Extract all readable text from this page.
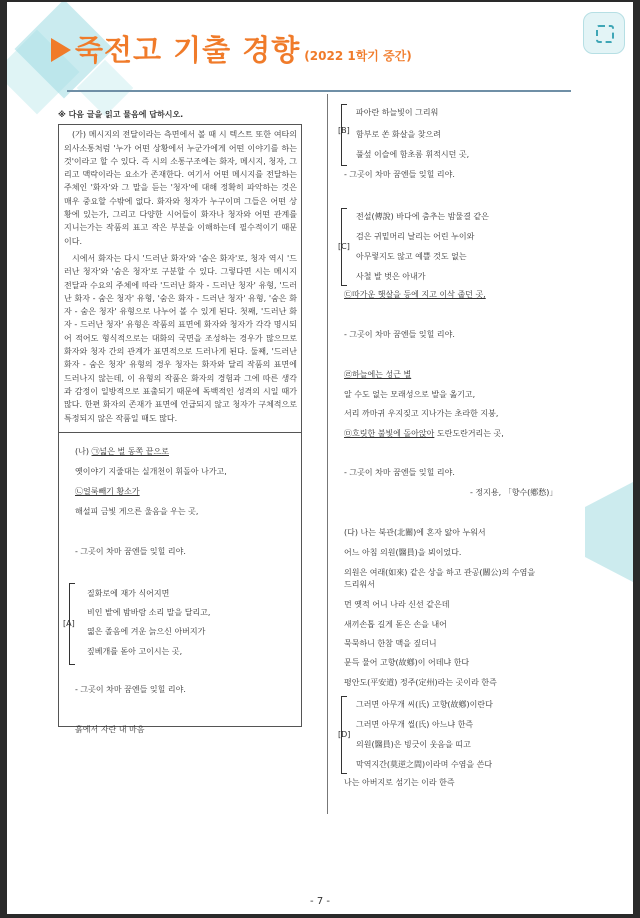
죽전고 기출 경향 (2022 1학기 중간)
※ 다음 글을 읽고 물음에 답하시오.

(가) 메시지의 전달이라는 측면에서 볼 때 시 텍스트 또한 여타의 의사소통처럼 '누가 어떤 상황에서 누군가에게 어떤 이야기를 하는 것'이라고 할 수 있다. 즉 시의 소통구조에는 화자, 메시지, 청자, 그리고 맥락이라는 요소가 존재한다. 여기서 어떤 메시지를 전달하는 주체인 '화자'와 그 말을 듣는 '청자'에 대해 정확히 파악하는 것은 매우 중요할 수밖에 없다. 화자와 청자가 누구이며 그들은 어떤 상황에 있는가, 그리고 다양한 시어들이 화자나 청자와 어떤 관계를 지니는가는 작품의 표고 작은 부분을 이해하는데 필수적이기 때문이다.

시에서 화자는 다시 '드러난 화자'와 '숨은 화자'로, 청자 역시 '드러난 청자'와 '숨은 청자'로 구분할 수 있다. 그렇다면 시는 메시지 전달과 수요의 주체에 따라 '드러난 화자 - 드러난 청자' 유형, '드러난 화자 - 숨은 청자' 유형, '숨은 화자 - 드러난 청자' 유형, '숨은 화자 - 숨은 청자' 유형으로 나누어 볼 수 있게 된다. 첫째, '드러난 화자 - 드러난 청자' 유형은 작품의 표면에 화자와 청자가 각각 명시되어 적어도 형식적으로는 대화의 국면을 조성하는 경우가 많으므로 화자와 청자 간의 관계가 표면적으로 드러나게 된다. 둘째, '드러난 화자 - 숨은 청자' 유형의 경우 청자는 화자와 달리 작품의 표면에 드러나지 않는데, 이 유형의 작품은 화자의 경험과 그에 따른 생각과 감정이 일방적으로 표출되기 때문에 독백적인 성격의 시일 때가 많다. 한편 화자의 존재가 표면에 언급되지 않고 청자가 구체적으로 특정되지 않은 작품일 때도 많다.

(나) ㉠넓은 벌 동쪽 끝으로
옛이야기 지줄대는 실개천이 휘돌아 나가고,
㉡얼룩빼기 황소가
해설피 금빛 게으른 울음을 우는 곳,
- 그곳이 차마 꿈엔들 잊힐 리야.
[A]
질화로에 재가 식어지면
비인 밭에 밤바람 소리 말을 달리고,
엷은 졸음에 겨운 늙으신 아버지가
짚베개를 돋아 고이시는 곳,
- 그곳이 차마 꿈엔들 잊힐 리야.
흙에서 자란 내 마음
[B]
파아란 하늘빛이 그리워
함부로 쏜 화살을 찾으려
풀섶 이슬에 함초롬 휘적시던 곳,
- 그곳이 차마 꿈엔들 잊힐 리야.
[C]
전설(傳說) 바다에 춤추는 밤물결 같은
검은 귀밑머리 날리는 어린 누이와
아무렇지도 않고 예쁠 것도 없는
사철 발 벗은 아내가
㉢따가운 햇살을 등에 지고 이삭 줍던 곳,
- 그곳이 차마 꿈엔들 잊힐 리야.
㉣하늘에는 성근 별
알 수도 없는 모래성으로 발을 옮기고,
서리 까마귀 우지짖고 지나가는 초라한 지붕,
㉤흐릿한 불빛에 돌아앉아 도란도란거리는 곳,
- 그곳이 차마 꿈엔들 잊힐 리야.
- 정지용, 「향수(鄕愁)」
(다) 나는 북관(北關)에 혼자 앓아 누워서
어느 아침 의원(醫員)을 뵈이었다.
의원은 여래(如來) 같은 상을 하고 관공(關公)의 수염을
드리워서
먼 옛적 어니 나라 신선 같은데
새끼손톱 길게 돋은 손을 내어
묵묵하니 한참 맥을 짚더니
문득 물어 고향(故鄕)이 어데냐 한다
평안도(平安道) 정주(定州)라는 곳이라 한즉
[D]
그러면 아무개 씨(氏) 고향(故鄕)이란다
그러면 아무개 씰(氏) 아느냐 한즉
의원(醫員)은 빙긋이 웃음을 띠고
막역지간(莫逆之間)이라며 수염을 쓴다
나는 아버지로 섬기는 이라 한즉
- 7 -
